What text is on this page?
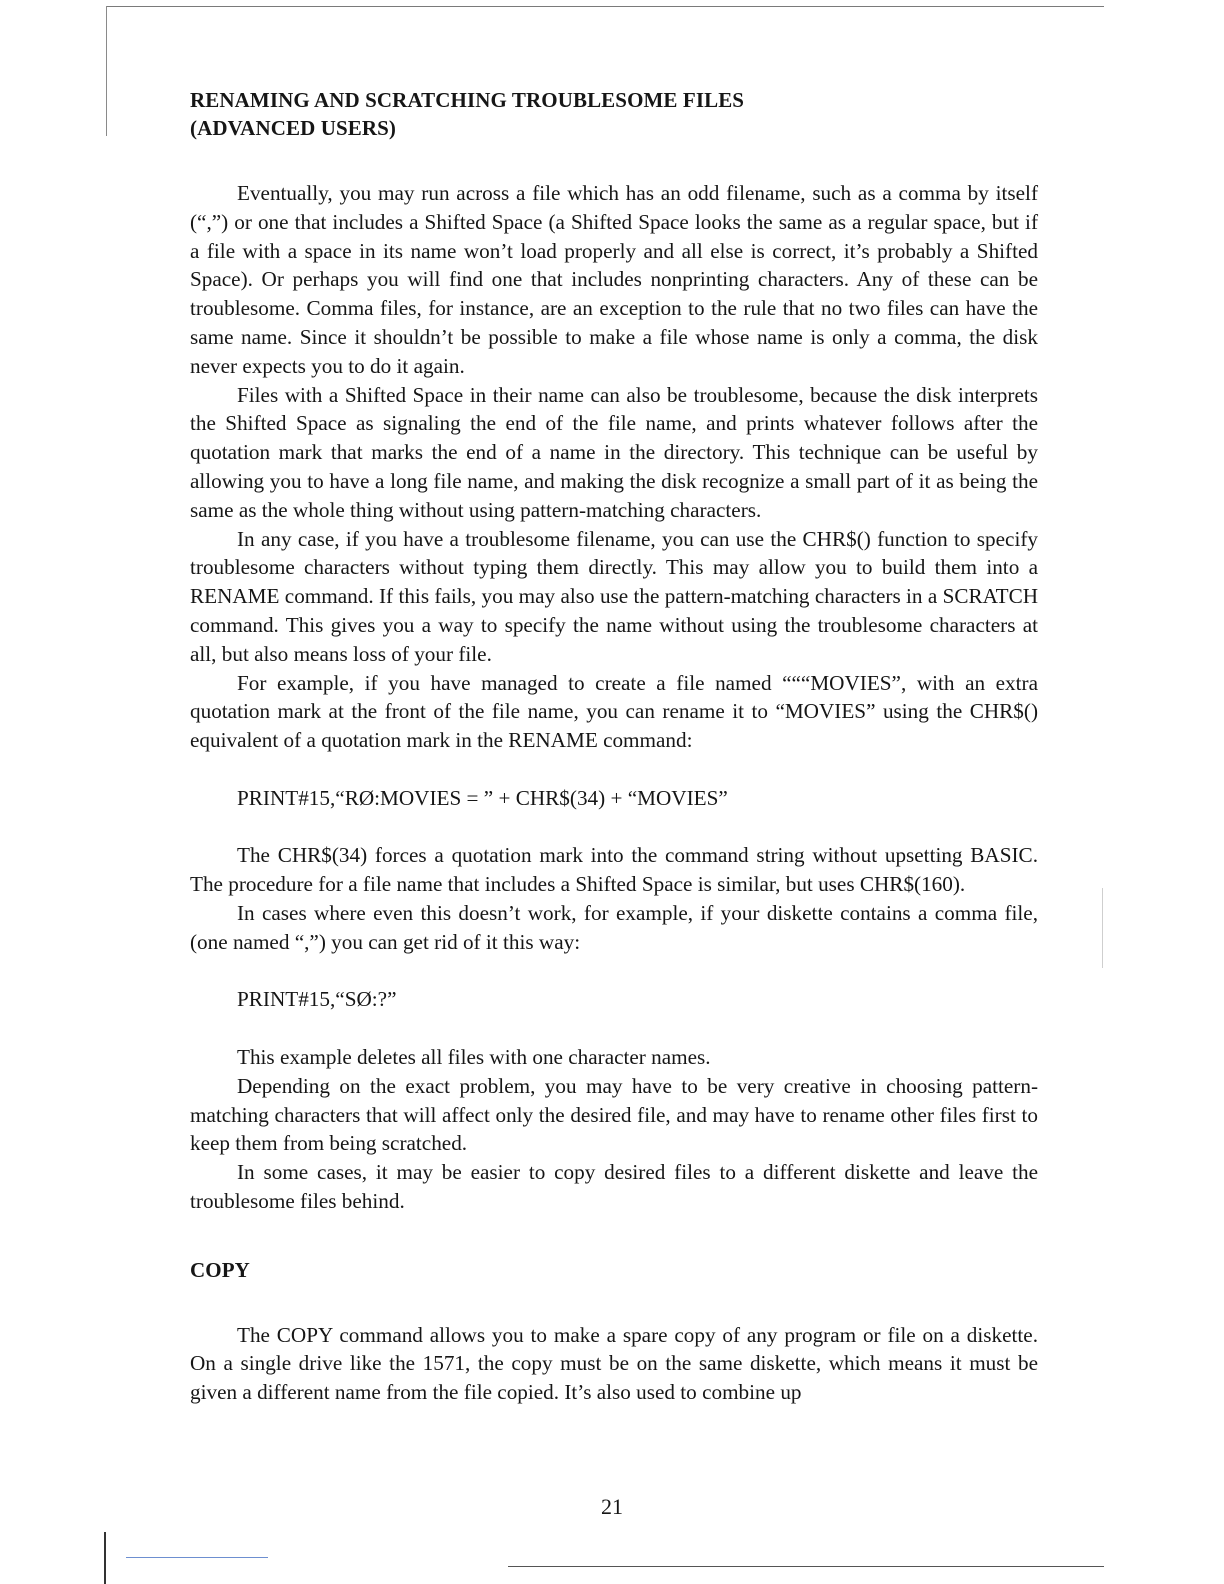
RENAMING AND SCRATCHING TROUBLESOME FILES

(ADVANCED USERS)

Eventually, you may run across a file which has an odd filename, such as a comma by itself (“,”) or one that includes a Shifted Space (a Shifted Space looks the same as a regular space, but if a file with a space in its name won’t load properly and all else is correct, it’s probably a Shifted Space). Or perhaps you will find one that includes nonprinting characters. Any of these can be troublesome. Comma files, for instance, are an exception to the rule that no two files can have the same name. Since it shouldn’t be possible to make a file whose name is only a comma, the disk never expects you to do it again.

Files with a Shifted Space in their name can also be troublesome, because the disk interprets the Shifted Space as signaling the end of the file name, and prints whatever follows after the quotation mark that marks the end of a name in the directory. This technique can be useful by allowing you to have a long file name, and making the disk recognize a small part of it as being the same as the whole thing without using pattern-matching characters.

In any case, if you have a troublesome filename, you can use the CHR$() function to specify troublesome characters without typing them directly. This may allow you to build them into a RENAME command. If this fails, you may also use the pattern-matching characters in a SCRATCH command. This gives you a way to specify the name without using the troublesome characters at all, but also means loss of your file.

For example, if you have managed to create a file named “““MOVIES”, with an extra quotation mark at the front of the file name, you can rename it to “MOVIES” using the CHR$() equivalent of a quotation mark in the RENAME command:

PRINT#15,“RØ:MOVIES = ” + CHR$(34) + “MOVIES”

The CHR$(34) forces a quotation mark into the command string without upsetting BASIC. The procedure for a file name that includes a Shifted Space is similar, but uses CHR$(160).

In cases where even this doesn’t work, for example, if your diskette contains a comma file, (one named “,”) you can get rid of it this way:

PRINT#15,“SØ:?”

This example deletes all files with one character names.

Depending on the exact problem, you may have to be very creative in choosing pattern-matching characters that will affect only the desired file, and may have to rename other files first to keep them from being scratched.

In some cases, it may be easier to copy desired files to a different diskette and leave the troublesome files behind.

COPY

The COPY command allows you to make a spare copy of any program or file on a diskette. On a single drive like the 1571, the copy must be on the same diskette, which means it must be given a different name from the file copied. It’s also used to combine up

21
